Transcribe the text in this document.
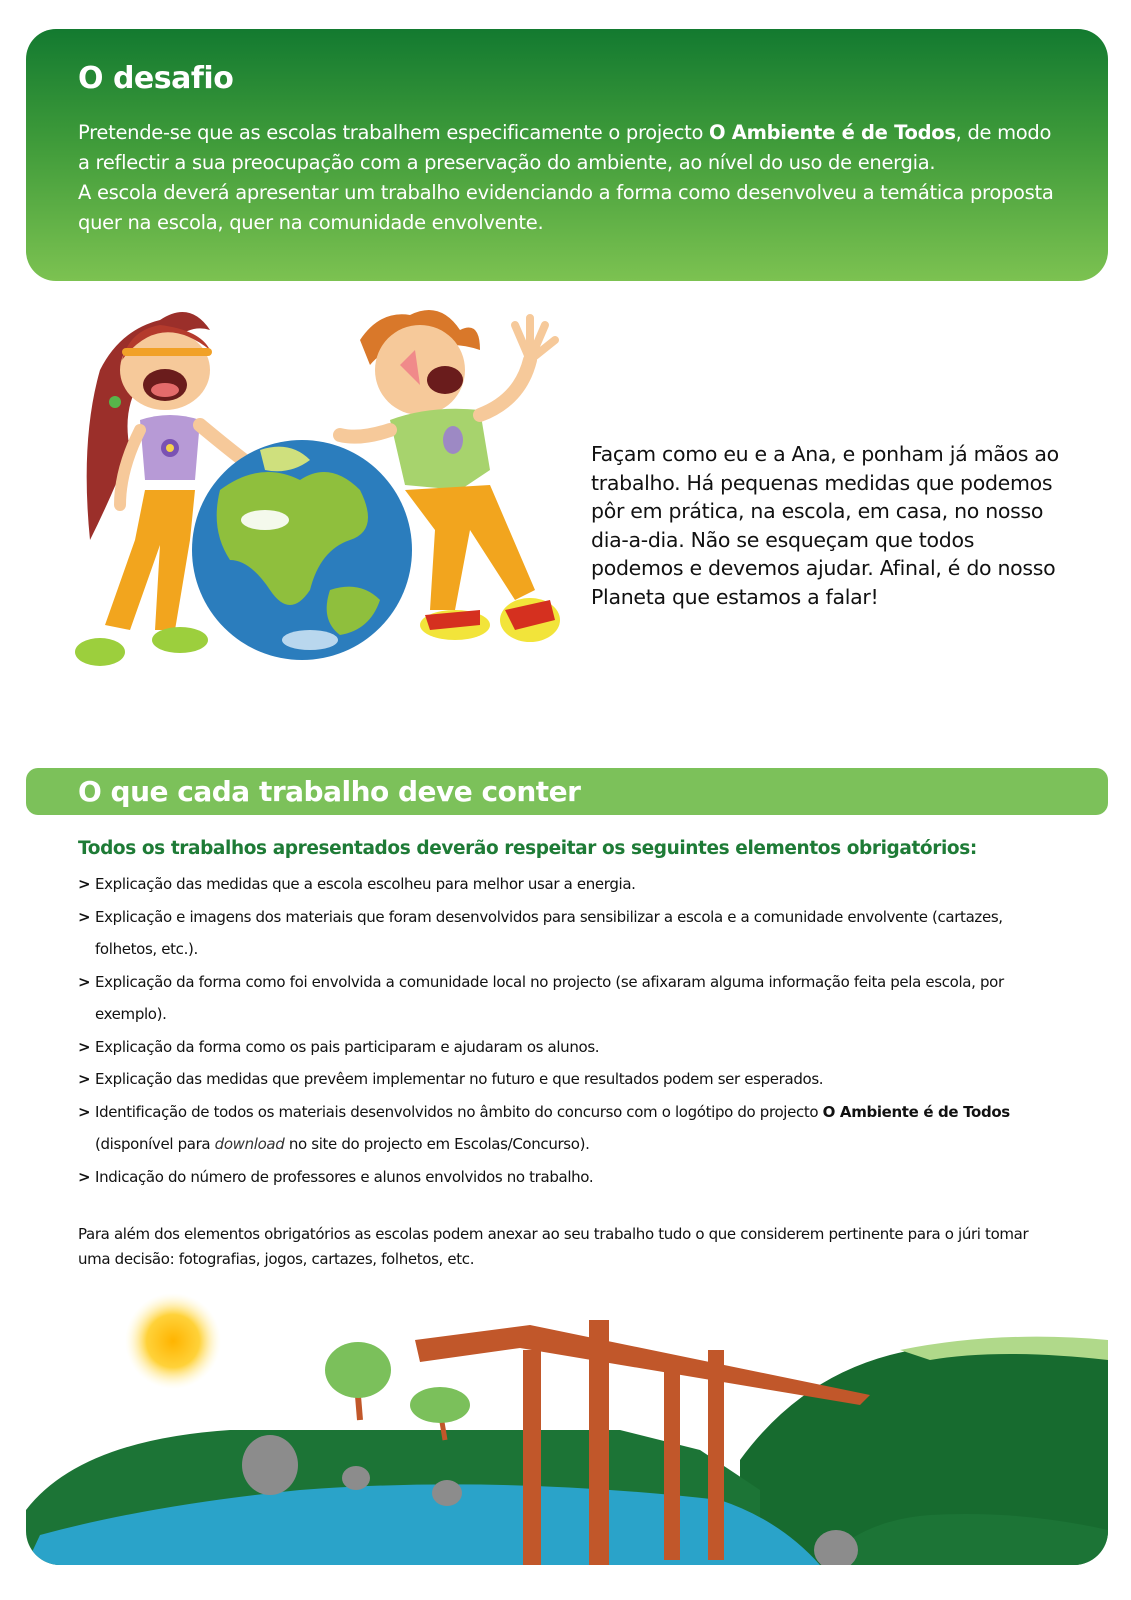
O desafio

Pretende-se que as escolas trabalhem especificamente o projecto O Ambiente é de Todos, de modo a reflectir a sua preocupação com a preservação do ambiente, ao nível do uso de energia.
A escola deverá apresentar um trabalho evidenciando a forma como desenvolveu a temática proposta quer na escola, quer na comunidade envolvente.

Façam como eu e a Ana, e ponham já mãos ao trabalho. Há pequenas medidas que podemos pôr em prática, na escola, em casa, no nosso dia-a-dia. Não se esqueçam que todos podemos e devemos ajudar. Afinal, é do nosso Planeta que estamos a falar!
O que cada trabalho deve conter
Todos os trabalhos apresentados deverão respeitar os seguintes elementos obrigatórios:
> Explicação das medidas que a escola escolheu para melhor usar a energia.
> Explicação e imagens dos materiais que foram desenvolvidos para sensibilizar a escola e a comunidade envolvente (cartazes, folhetos, etc.).
> Explicação da forma como foi envolvida a comunidade local no projecto (se afixaram alguma informação feita pela escola, por exemplo).
> Explicação da forma como os pais participaram e ajudaram os alunos.
> Explicação das medidas que prevêem implementar no futuro e que resultados podem ser esperados.
> Identificação de todos os materiais desenvolvidos no âmbito do concurso com o logótipo do projecto O Ambiente é de Todos (disponível para download no site do projecto em Escolas/Concurso).
> Indicação do número de professores e alunos envolvidos no trabalho.
Para além dos elementos obrigatórios as escolas podem anexar ao seu trabalho tudo o que considerem pertinente para o júri tomar uma decisão: fotografias, jogos, cartazes, folhetos, etc.
